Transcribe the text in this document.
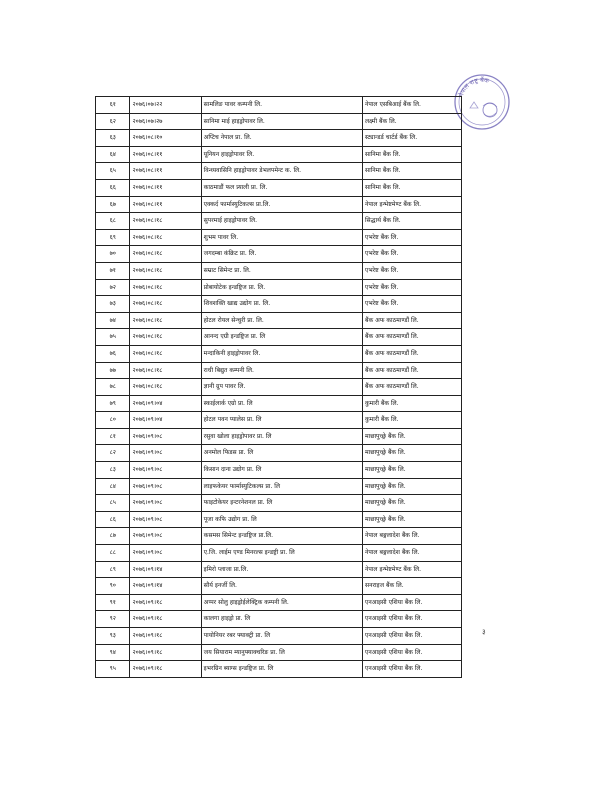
नेपाल राष्ट्र बैंक
६१	२०७६।०७।२२	सामलिङ पावर कम्पनी लि.	नेपाल एसबिआई बैंक लि.
६२	२०७६।०७।२७	सानिमा माई हाइड्रोपावर लि.	लक्ष्मी बैंक लि.
६३	२०७६।०८।१०	अप्टिच नेपाल प्रा. लि.	स्ट्यान्डर्ड चार्टर्ड बैंक लि.
६४	२०७६।०८।११	यूनियन हाइड्रोपावर लि.	सानिमा बैंक लि.
६५	२०७६।०८।११	विन्ध्यवासिनि हाइड्रोपावर डेभलपमेन्ट क. लि.	सानिमा बैंक लि.
६६	२०७६।०८।११	काठमाडौं फल प्र्याली प्रा. लि.	सानिमा बैंक लि.
६७	२०७६।०८।११	एक्कर्द फार्मास्युटिकल्स प्रा.लि.	नेपाल इन्भेष्टमेण्ट बैंक लि.
६८	२०७६।०८।१८	सुपरमाई हाइड्रोपावर लि.	सिद्धार्थ बैंक लि.
६९	२०७६।०८।१८	शुभम पावर लि.	एभरेष्ट बैंक लि.
७०	२०७६।०८।१८	जगदम्बा कंक्रिट प्रा. लि.	एभरेष्ट बैंक लि.
७१	२०७६।०८।१८	सम्राट सिमेन्ट प्रा. लि.	एभरेष्ट बैंक लि.
७२	२०७६।०८।१८	प्रोबायोटेक इन्डष्ट्रिज प्रा. लि.	एभरेष्ट बैंक लि.
७३	२०७६।०८।१८	शिवशक्ति खाद्य उद्योग प्रा. लि.	एभरेष्ट बैंक लि.
७४	२०७६।०८।१८	होटल रोयल सेन्चुरी प्रा. लि.	बैंक अफ काठमाण्डौं लि.
७५	२०७६।०८।१८	आनन्द एग्री इन्डष्ट्रिज प्रा. लि	बैंक अफ काठमाण्डौं लि.
७६	२०७६।०८।१८	मन्दाकिनी हाइड्रोपावर लि.	बैंक अफ काठमाण्डौं लि.
७७	२०७६।०८।१८	राधी बिद्युत कम्पनी लि.	बैंक अफ काठमाण्डौं लि.
७८	२०७६।०८।१८	ज्ञानी ग्रुप पावर लि.	बैंक अफ काठमाण्डौं लि.
७९	२०७६।०९।०४	स्काईलार्क एग्रो प्रा. लि	कुमारी बैंक लि.
८०	२०७६।०९।०४	होटल पवन प्यालेस प्रा. लि	कुमारी बैंक लि.
८१	२०७६।०९।०८	रसुवा खोला हाइड्रोपावर प्रा. लि	माछापुच्छ्रे बैंक लि.
८२	२०७६।०९।०८	अनमोल फिडस प्रा. लि	माछापुच्छ्रे बैंक लि.
८३	२०७६।०९।०८	किसान दाना उद्योग प्रा. लि	माछापुच्छ्रे बैंक लि.
८४	२०७६।०९।०८	लाइफकेयर फार्मास्युटिकल्स प्रा. लि	माछापुच्छ्रे बैंक लि.
८५	२०७६।०९।०८	फाइटोकेयर इन्टरनेशनल प्रा. लि	माछापुच्छ्रे बैंक लि.
८६	२०७६।०९।०८	पूजा कफि उद्योग प्रा. लि	माछापुच्छ्रे बैंक लि.
८७	२०७६।०९।०८	कसमस सिमेन्ट इन्डष्ट्रिज प्रा.लि.	नेपाल बङ्गलादेश बैंक लि.
८८	२०७६।०९।०८	ए.जि. लाईम एण्ड मिनरल्स इन्डष्ट्री प्रा. लि	नेपाल बङ्गलादेश बैंक लि.
८९	२०७६।०९।१४	इमिरो प्लाजा प्रा.लि.	नेपाल इन्भेष्टमेण्ट बैंक लि.
९०	२०७६।०९।१४	सौर्य इनर्जी लि.	सनराइज बैंक लि.
९१	२०७६।०९।१८	अप्पर सोलु हाइड्रोईलेक्ट्रिक कम्पनी लि.	एनआइसी एशिया बैंक लि.
९२	२०७६।०९।१८	कालगा हाइड्रो प्रा. लि	एनआइसी एशिया बैंक लि.
९३	२०७६।०९।१८	पायोनियर रबर फ्याक्ट्री प्रा. लि	एनआइसी एशिया बैंक लि.
९४	२०७६।०९।१८	जय सियाराम म्यानुफ्याक्चरिङ प्रा. लि	एनआइसी एशिया बैंक लि.
९५	२०७६।०९।१८	इभरग्रिन ब्याग्स इन्डष्ट्रिज प्रा. लि	एनआइसी एशिया बैंक लि.
३
